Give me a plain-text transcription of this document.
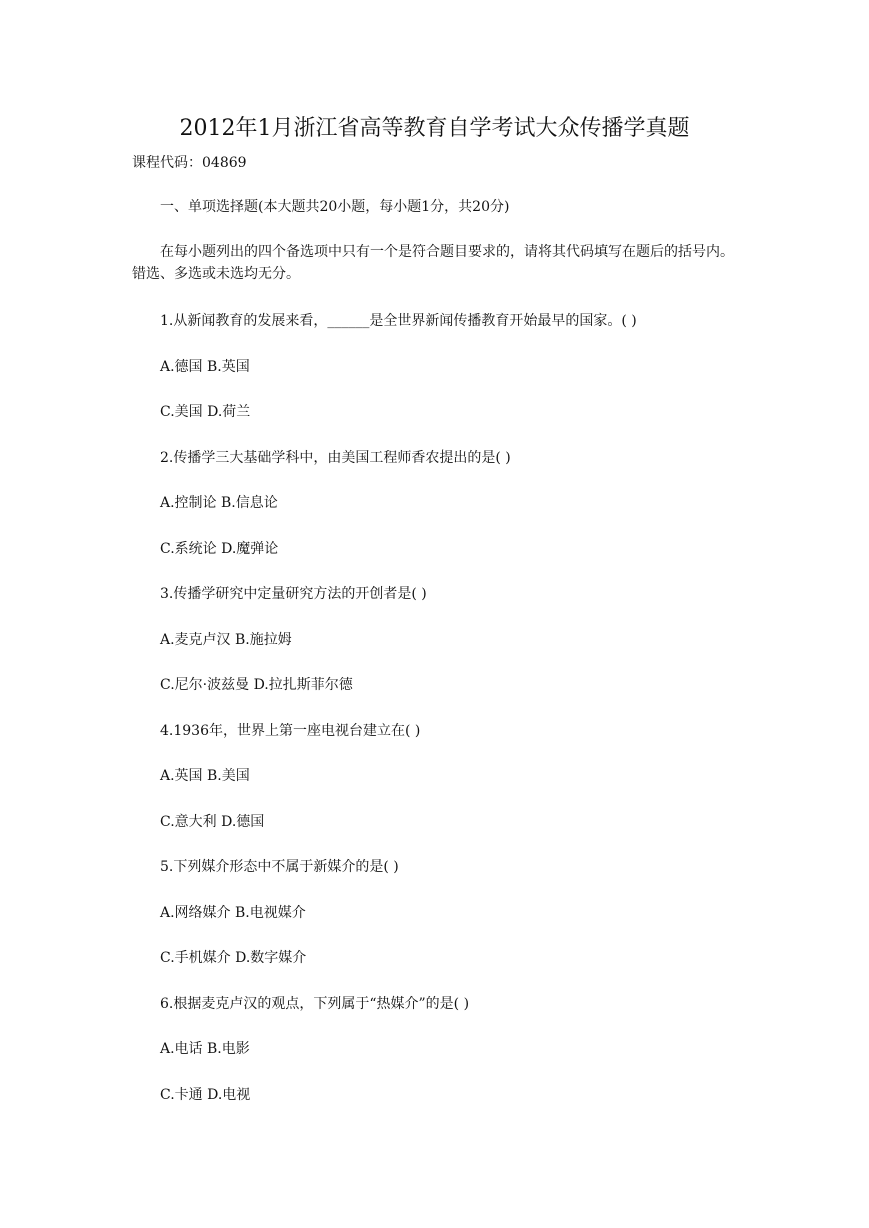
2012年1月浙江省高等教育自学考试大众传播学真题
课程代码：04869
一、单项选择题(本大题共20小题，每小题1分，共20分)
在每小题列出的四个备选项中只有一个是符合题目要求的，请将其代码填写在题后的括号内。错选、多选或未选均无分。
1.从新闻教育的发展来看，______是全世界新闻传播教育开始最早的国家。( )
A.德国 B.英国
C.美国 D.荷兰
2.传播学三大基础学科中，由美国工程师香农提出的是( )
A.控制论 B.信息论
C.系统论 D.魔弹论
3.传播学研究中定量研究方法的开创者是( )
A.麦克卢汉 B.施拉姆
C.尼尔·波兹曼 D.拉扎斯菲尔德
4.1936年，世界上第一座电视台建立在( )
A.英国 B.美国
C.意大利 D.德国
5.下列媒介形态中不属于新媒介的是( )
A.网络媒介 B.电视媒介
C.手机媒介 D.数字媒介
6.根据麦克卢汉的观点，下列属于“热媒介”的是( )
A.电话 B.电影
C.卡通 D.电视
